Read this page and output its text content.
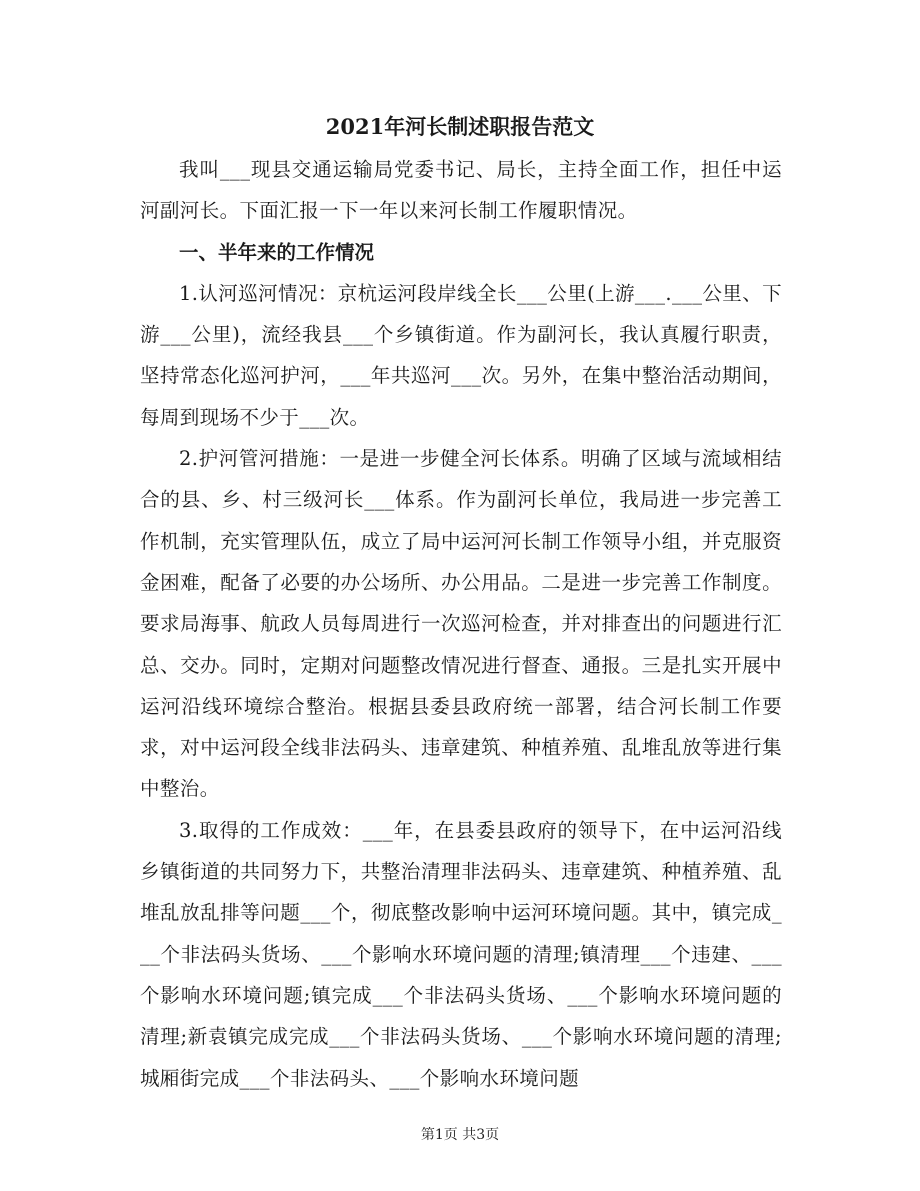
2021年河长制述职报告范文

我叫___现县交通运输局党委书记、局长，主持全面工作，担任中运河副河长。下面汇报一下一年以来河长制工作履职情况。

一、半年来的工作情况

1.认河巡河情况：京杭运河段岸线全长___公里(上游___.___公里、下游___公里)，流经我县___个乡镇街道。作为副河长，我认真履行职责，坚持常态化巡河护河，___年共巡河___次。另外，在集中整治活动期间，每周到现场不少于___次。

2.护河管河措施：一是进一步健全河长体系。明确了区域与流域相结合的县、乡、村三级河长___体系。作为副河长单位，我局进一步完善工作机制，充实管理队伍，成立了局中运河河长制工作领导小组，并克服资金困难，配备了必要的办公场所、办公用品。二是进一步完善工作制度。要求局海事、航政人员每周进行一次巡河检查，并对排查出的问题进行汇总、交办。同时，定期对问题整改情况进行督查、通报。三是扎实开展中运河沿线环境综合整治。根据县委县政府统一部署，结合河长制工作要求，对中运河段全线非法码头、违章建筑、种植养殖、乱堆乱放等进行集中整治。

3.取得的工作成效：___年，在县委县政府的领导下，在中运河沿线乡镇街道的共同努力下，共整治清理非法码头、违章建筑、种植养殖、乱堆乱放乱排等问题___个，彻底整改影响中运河环境问题。其中，镇完成___个非法码头货场、___个影响水环境问题的清理;镇清理___个违建、___个影响水环境问题;镇完成___个非法码头货场、___个影响水环境问题的清理;新袁镇完成完成___个非法码头货场、___个影响水环境问题的清理;城厢街完成___个非法码头、___个影响水环境问题

第1页 共3页
